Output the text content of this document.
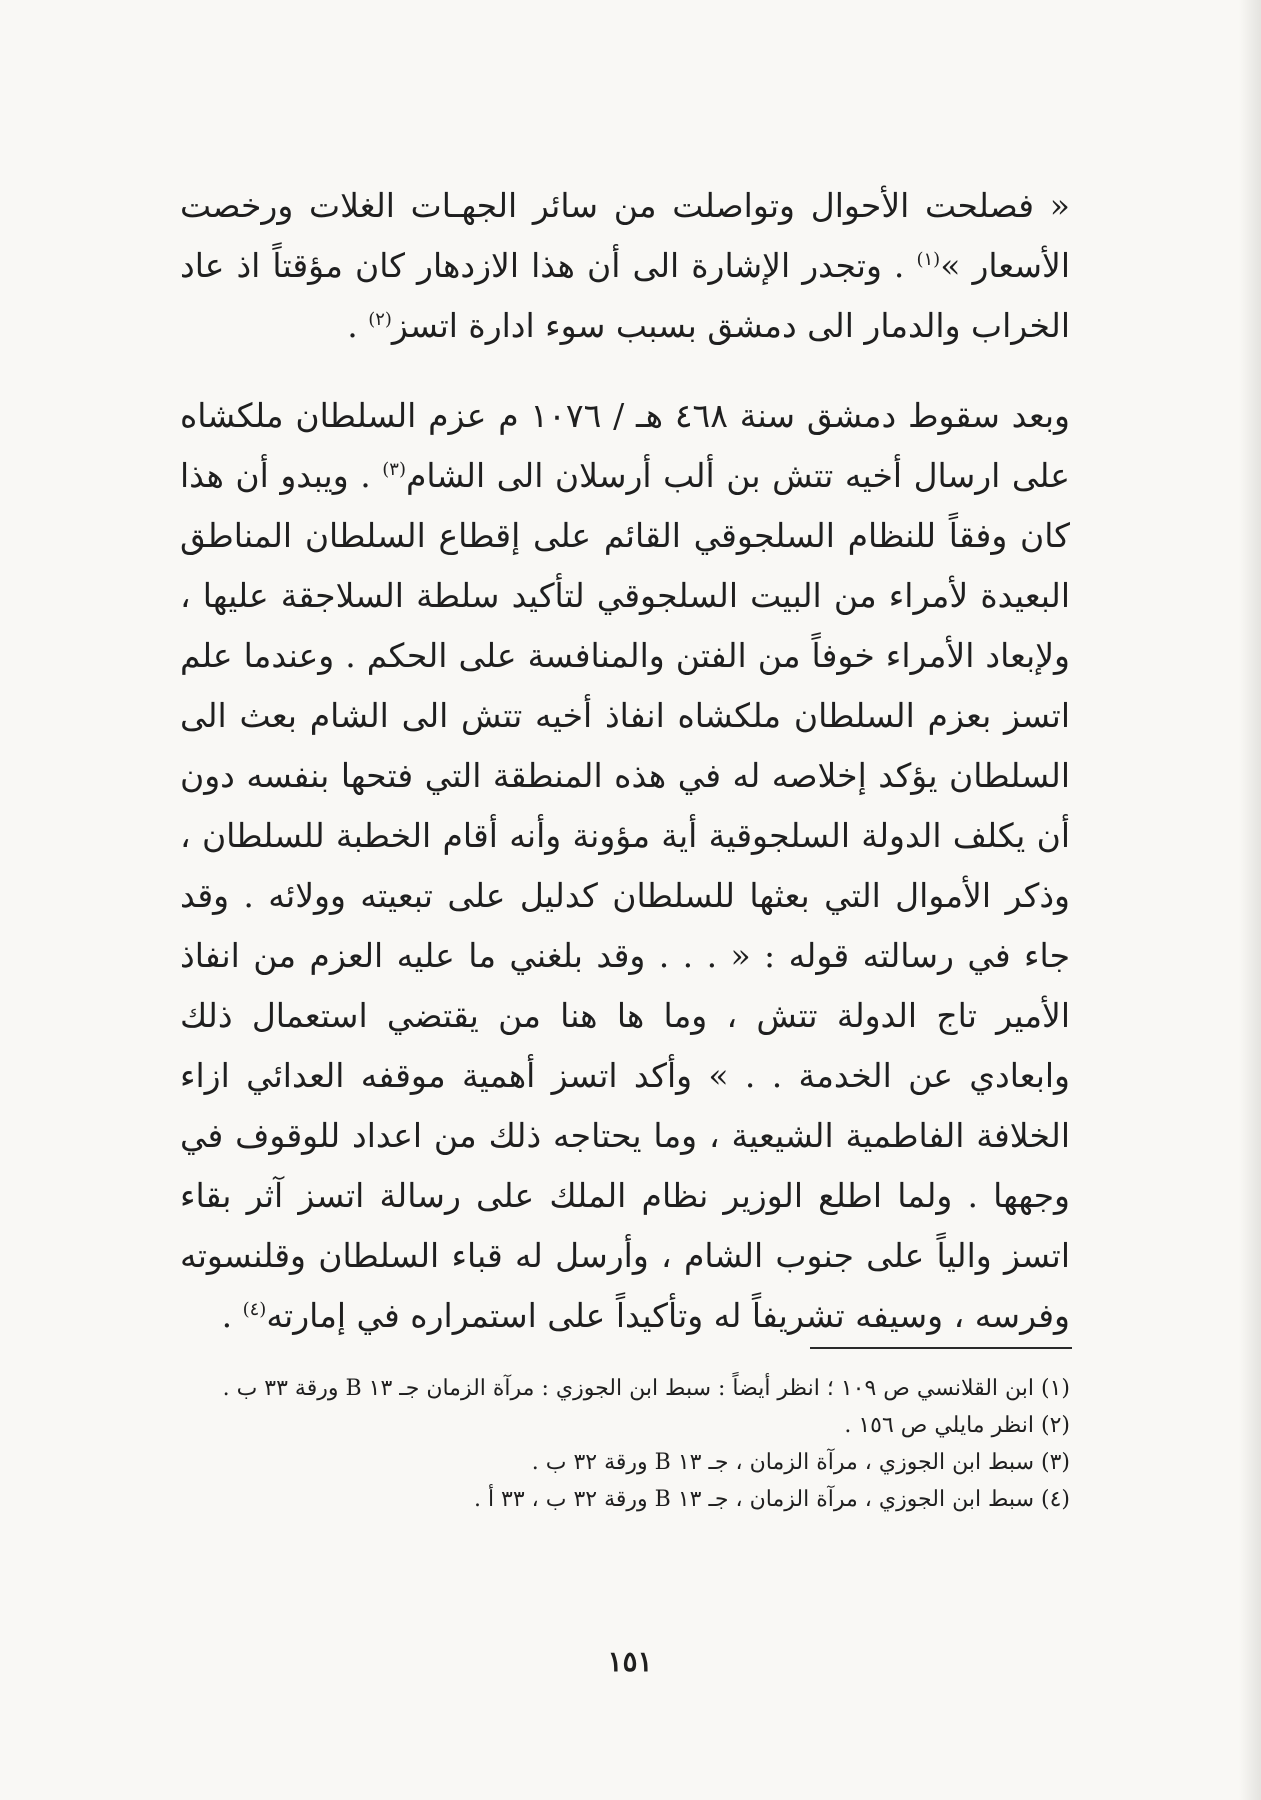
« فصلحت الأحوال وتواصلت من سائر الجهـات الغلات ورخصت الأسعار »$^{(١)}$ . وتجدر الإشارة الى أن هذا الازدهار كان مؤقتاً اذ عاد الخراب والدمار الى دمشق بسبب سوء ادارة اتسز$^{(٢)}$ .

وبعد سقوط دمشق سنة ٤٦٨ هـ / ١٠٧٦ م عزم السلطان ملكشاه على ارسال أخيه تتش بن ألب أرسلان الى الشام$^{(٣)}$ . ويبدو أن هذا كان وفقاً للنظام السلجوقي القائم على إقطاع السلطان المناطق البعيدة لأمراء من البيت السلجوقي لتأكيد سلطة السلاجقة عليها ، ولإبعاد الأمراء خوفاً من الفتن والمنافسة على الحكم . وعندما علم اتسز بعزم السلطان ملكشاه انفاذ أخيه تتش الى الشام بعث الى السلطان يؤكد إخلاصه له في هذه المنطقة التي فتحها بنفسه دون أن يكلف الدولة السلجوقية أية مؤونة وأنه أقام الخطبة للسلطان ، وذكر الأموال التي بعثها للسلطان كدليل على تبعيته وولائه . وقد جاء في رسالته قوله : « . . . وقد بلغني ما عليه العزم من انفاذ الأمير تاج الدولة تتش ، وما ها هنا من يقتضي استعمال ذلك وابعادي عن الخدمة . . » وأكد اتسز أهمية موقفه العدائي ازاء الخلافة الفاطمية الشيعية ، وما يحتاجه ذلك من اعداد للوقوف في وجهها . ولما اطلع الوزير نظام الملك على رسالة اتسز آثر بقاء اتسز والياً على جنوب الشام ، وأرسل له قباء السلطان وقلنسوته وفرسه ، وسيفه تشريفاً له وتأكيداً على استمراره في إمارته$^{(٤)}$ .

(١) ابن القلانسي ص ١٠٩ ؛ انظر أيضاً : سبط ابن الجوزي : مرآة الزمان جـ ١٣ B ورقة ٣٣ ب .

(٢) انظر مايلي ص ١٥٦ .

(٣) سبط ابن الجوزي ، مرآة الزمان ، جـ ١٣ B ورقة ٣٢ ب .

(٤) سبط ابن الجوزي ، مرآة الزمان ، جـ ١٣ B ورقة ٣٢ ب ، ٣٣ أ .

١٥١
